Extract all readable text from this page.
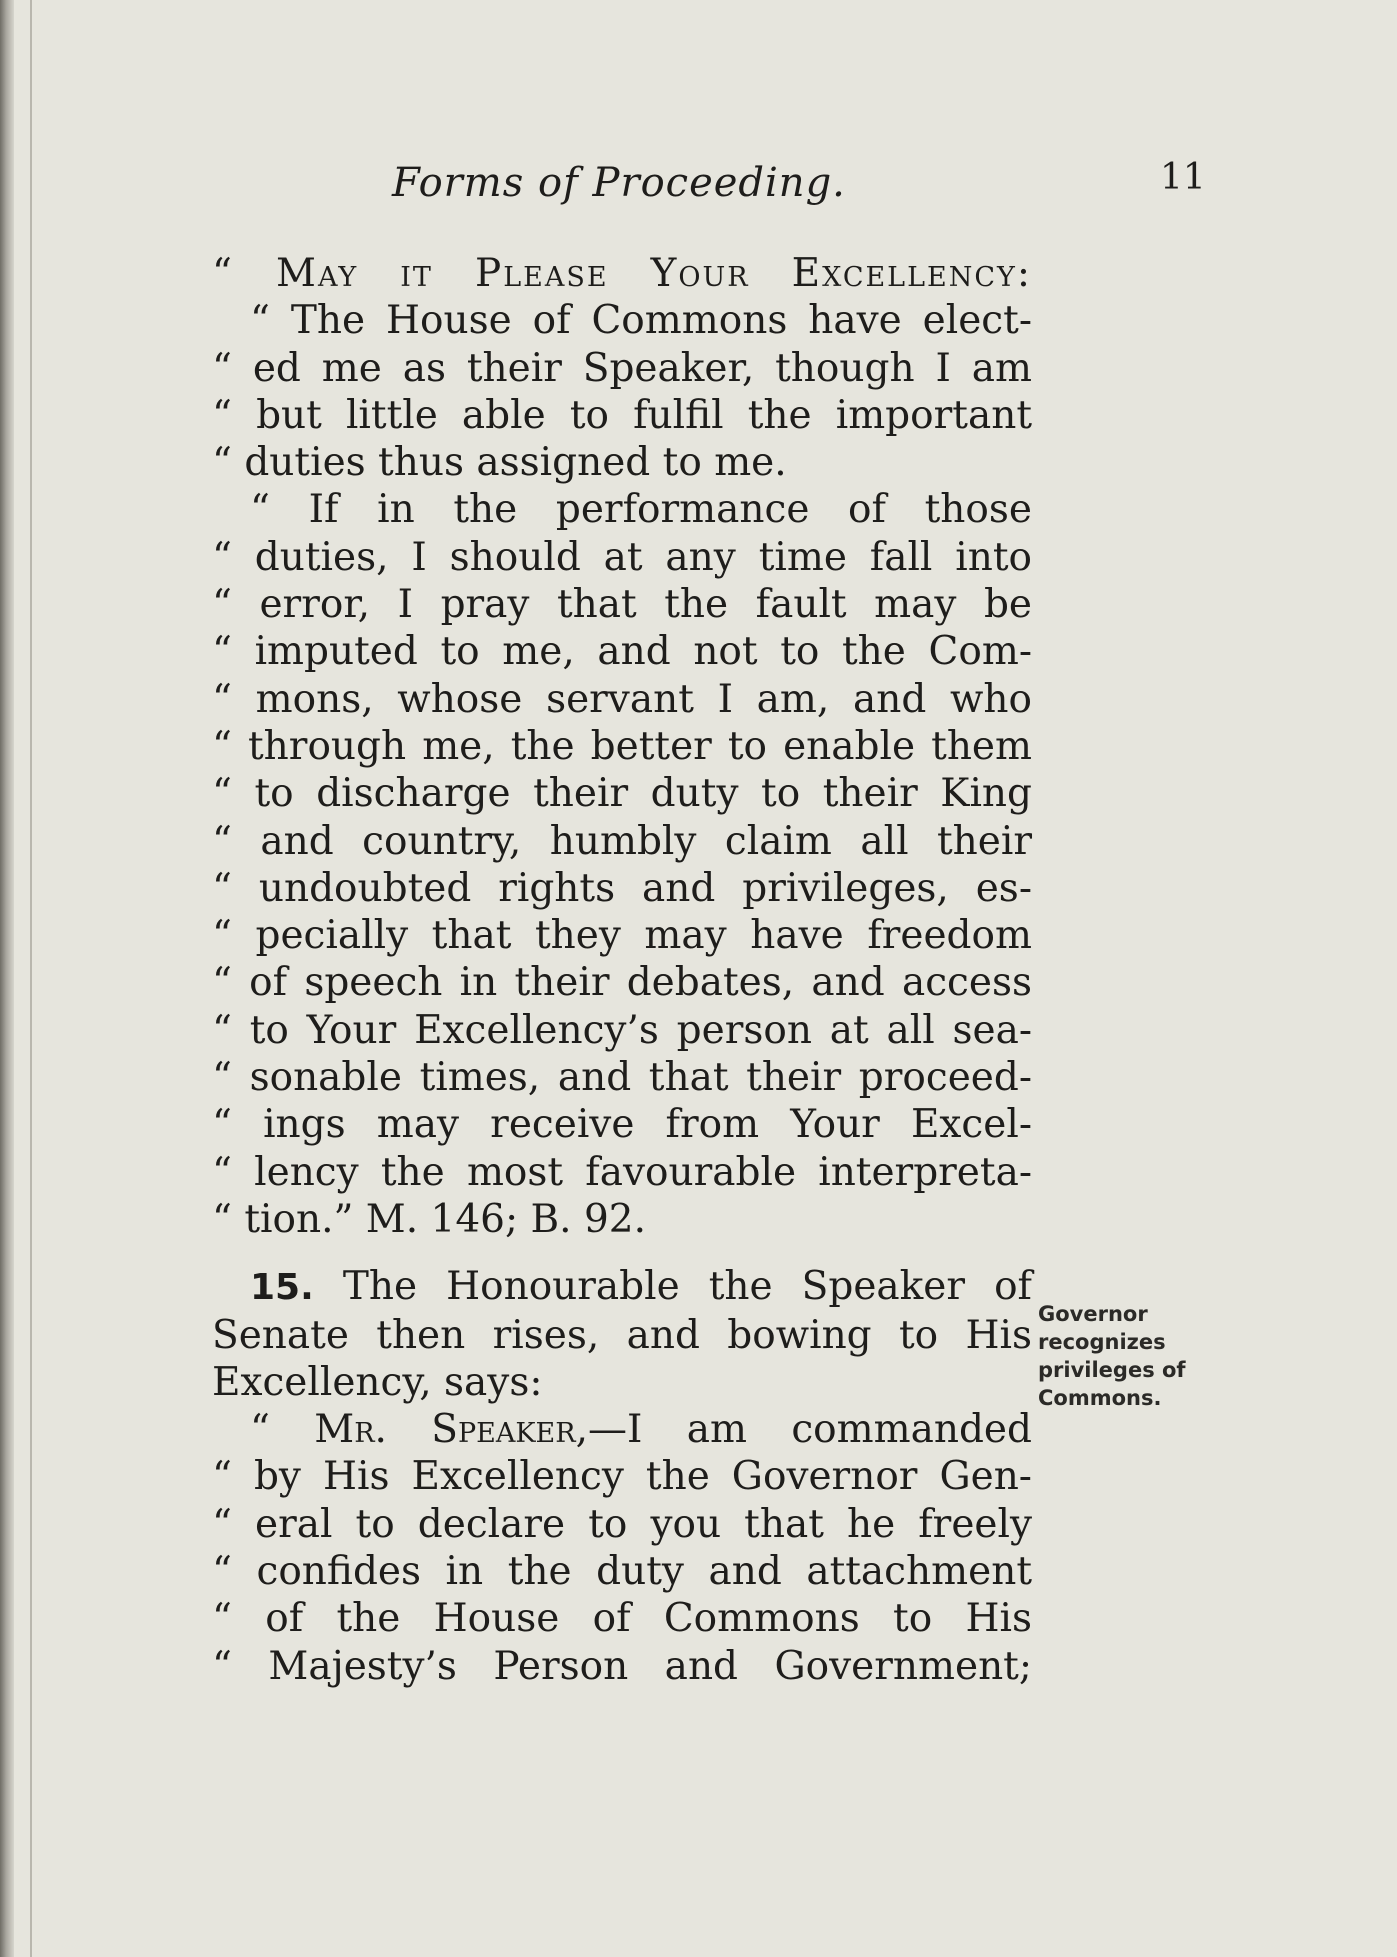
Forms of Proceeding.	11
“ May it Please Your Excellency:
“ The House of Commons have elect-
“ ed me as their Speaker, though I am
“ but little able to fulfil the important
“ duties thus assigned to me.
“ If in the performance of those
“ duties, I should at any time fall into
“ error, I pray that the fault may be
“ imputed to me, and not to the Com-
“ mons, whose servant I am, and who
“ through me, the better to enable them
“ to discharge their duty to their King
“ and country, humbly claim all their
“ undoubted rights and privileges, es-
“ pecially that they may have freedom
“ of speech in their debates, and access
“ to Your Excellency’s person at all sea-
“ sonable times, and that their proceed-
“ ings may receive from Your Excel-
“ lency the most favourable interpreta-
“ tion.” M. 146; B. 92.
15. The Honourable the Speaker of
Senate then rises, and bowing to His
Excellency, says:
“ Mr. Speaker,—I am commanded
“ by His Excellency the Governor Gen-
“ eral to declare to you that he freely
“ confides in the duty and attachment
“ of the House of Commons to His
“ Majesty’s Person and Government;
Governor
recognizes
privileges of
Commons.
